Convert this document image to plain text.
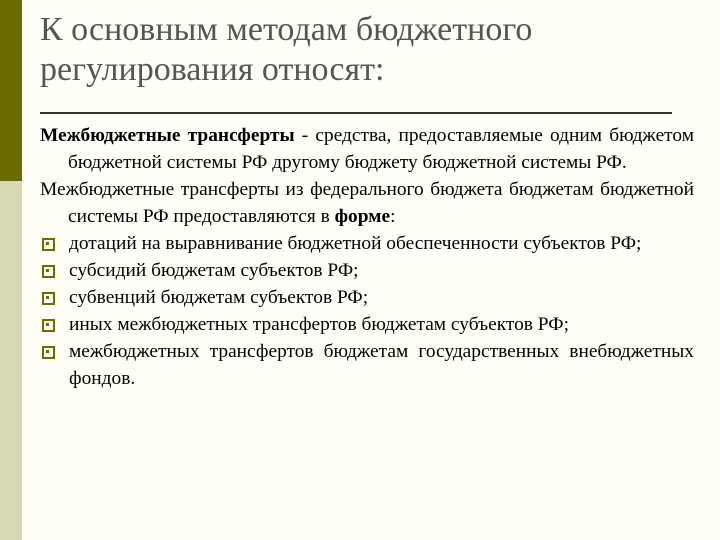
К основным методам бюджетного регулирования относят:

Межбюджетные трансферты - средства, предоставляемые одним бюджетом бюджетной системы РФ другому бюджету бюджетной системы РФ.

Межбюджетные трансферты из федерального бюджета бюджетам бюджетной системы РФ предоставляются в форме:

дотаций на выравнивание бюджетной обеспеченности субъектов РФ;
субсидий бюджетам субъектов РФ;
субвенций бюджетам субъектов РФ;
иных межбюджетных трансфертов бюджетам субъектов РФ;
межбюджетных трансфертов бюджетам государственных внебюджетных фондов.
